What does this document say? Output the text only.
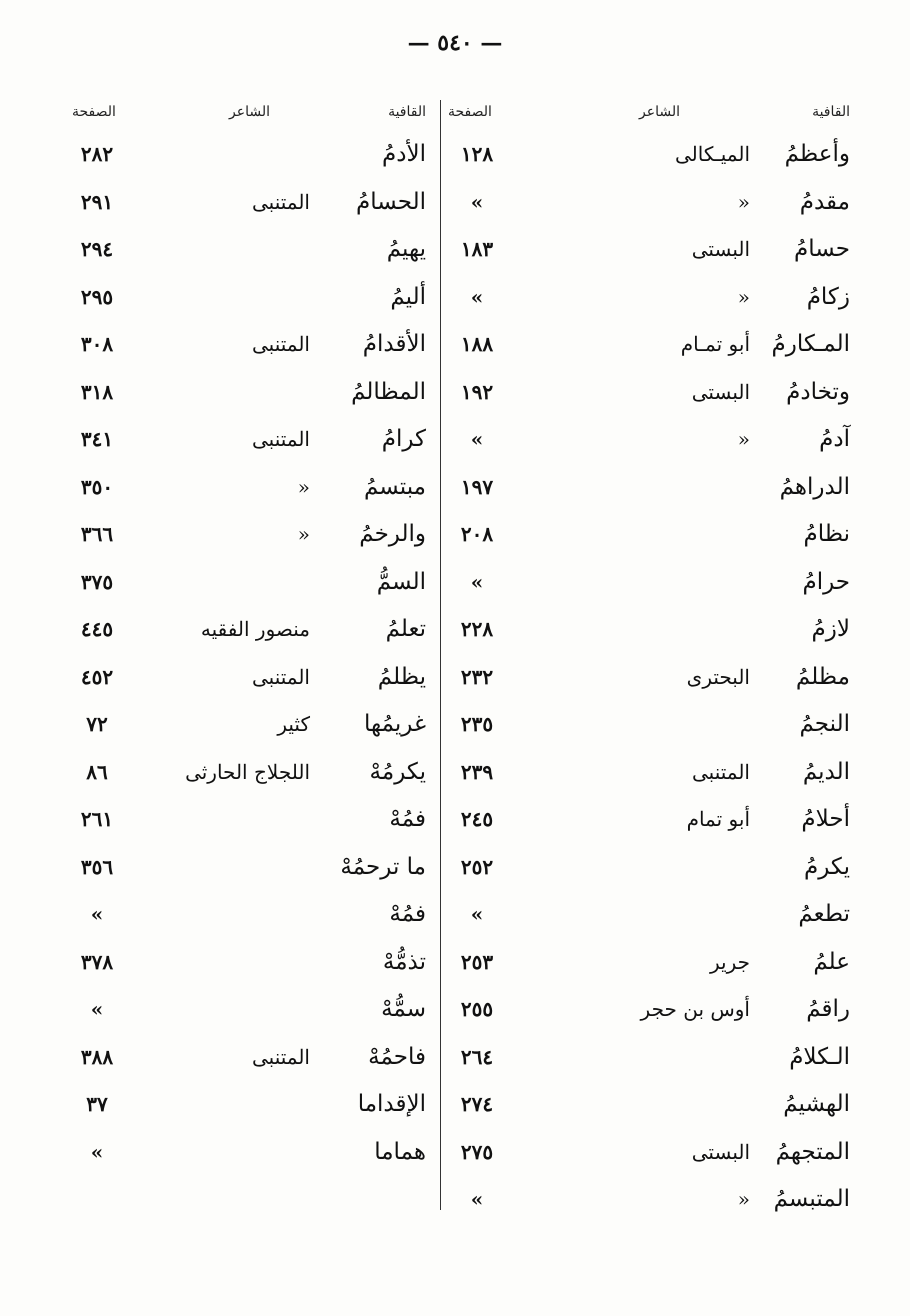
— ٥٤٠ —
القافية
الشاعر
الصفحة
وأعظمُ
الميـكالى
١٢٨
مقدمُ
«
«
حسامُ
البستى
١٨٣
زكامُ
«
«
المـكارمُ
أبو تمـام
١٨٨
وتخادمُ
البستى
١٩٢
آدمُ
«
«
الدراهمُ
١٩٧
نظامُ
٢٠٨
حرامُ
«
لازمُ
٢٢٨
مظلمُ
البحترى
٢٣٢
النجمُ
٢٣٥
الديمُ
المتنبى
٢٣٩
أحلامُ
أبو تمام
٢٤٥
يكرمُ
٢٥٢
تطعمُ
«
علمُ
جرير
٢٥٣
راقمُ
أوس بن حجر
٢٥٥
الـكلامُ
٢٦٤
الهشيمُ
٢٧٤
المتجهمُ
البستى
٢٧٥
المتبسمُ
«
«
القافية
الشاعر
الصفحة
الأدمُ
٢٨٢
الحسامُ
المتنبى
٢٩١
يهيمُ
٢٩٤
أليمُ
٢٩٥
الأقدامُ
المتنبى
٣٠٨
المظالمُ
٣١٨
كرامُ
المتنبى
٣٤١
مبتسمُ
«
٣٥٠
والرخمُ
«
٣٦٦
السمُّ
٣٧٥
تعلمُ
منصور الفقيه
٤٤٥
يظلمُ
المتنبى
٤٥٢
غريمُها
كثير
٧٢
يكرمُهْ
اللجلاج الحارثى
٨٦
فمُهْ
٢٦١
ما ترحمُهْ
٣٥٦
فمُهْ
«
تذمُّهْ
٣٧٨
سمُّهْ
«
فاحمُهْ
المتنبى
٣٨٨
الإقداما
٣٧
هماما
«
